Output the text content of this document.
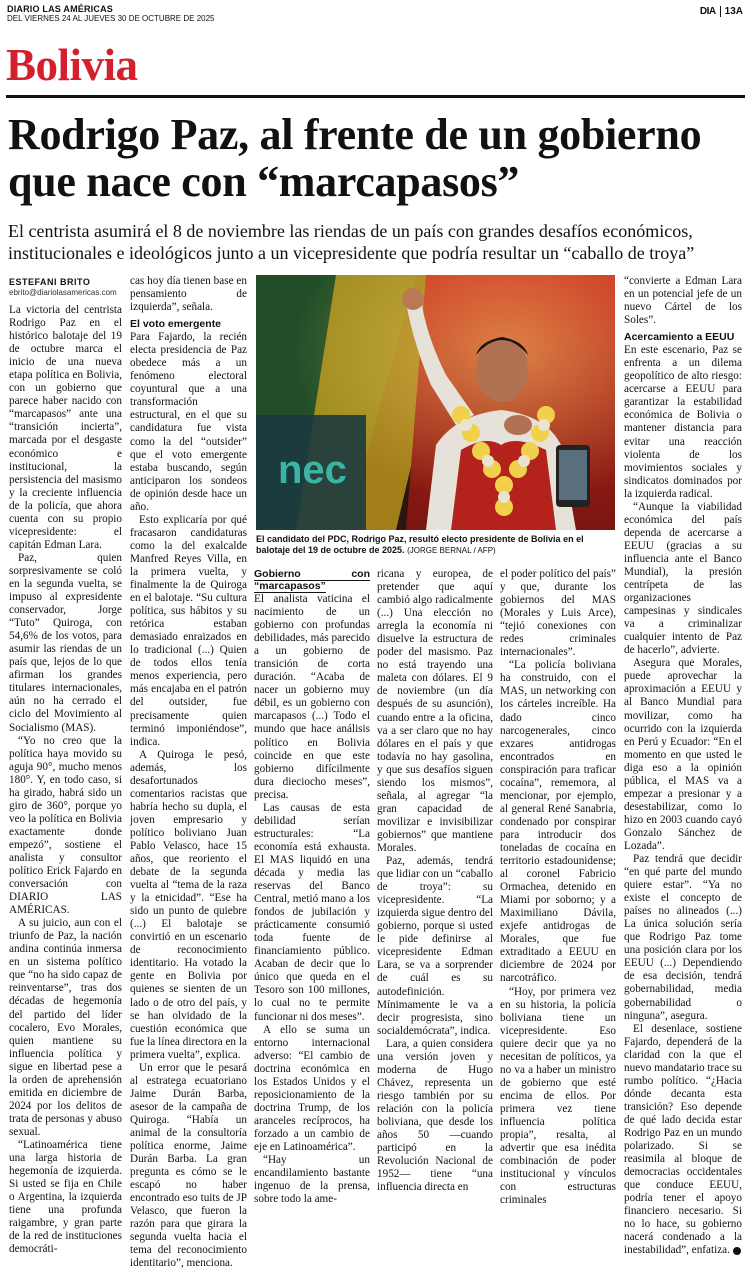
DIARIO LAS AMÉRICAS
DEL VIERNES 24 AL JUEVES 30 DE OCTUBRE DE 2025
DIA 13A
Bolivia
Rodrigo Paz, al frente de un gobierno
que nace con “marcapasos”
El centrista asumirá el 8 de noviembre las riendas de un país con grandes desafíos económicos, institucionales e ideológicos junto a un vicepresidente que podría resultar un “caballo de troya”
ESTEFANI BRITO
ebrito@diariolasamericas.com

La victoria del centrista Rodrigo Paz en el histórico balotaje del 19 de octubre marca el inicio de una nueva etapa política en Bolivia, con un gobierno que parece haber nacido con “marcapasos” ante una “transición incierta”, marcada por el desgaste económico e institucional, la persistencia del masismo y la creciente influencia de la policía, que ahora cuenta con su propio vicepresidente: el capitán Edman Lara.

Paz, quien sorpresivamente se coló en la segunda vuelta, se impuso al expresidente conservador, Jorge “Tuto” Quiroga, con 54,6% de los votos, para asumir las riendas de un país que, lejos de lo que afirman los grandes titulares internacionales, aún no ha cerrado el ciclo del Movimiento al Socialismo (MAS).

“Yo no creo que la política haya movido su aguja 90°, mucho menos 180°. Y, en todo caso, si ha girado, habrá sido un giro de 360°, porque yo veo la política en Bolivia exactamente donde empezó”, sostiene el analista y consultor político Erick Fajardo en conversación con DIARIO LAS AMÉRICAS.

A su juicio, aun con el triunfo de Paz, la nación andina continúa inmersa en un sistema político que “no ha sido capaz de reinventarse”, tras dos décadas de hegemonía del partido del líder cocalero, Evo Morales, quien mantiene su influencia política y sigue en libertad pese a la orden de aprehensión emitida en diciembre de 2024 por los delitos de trata de personas y abuso sexual.

“Latinoamérica tiene una larga historia de hegemonía de izquierda. Si usted se fija en Chile o Argentina, la izquierda tiene una profunda raigambre, y gran parte de la red de instituciones democráti-

cas hoy día tienen base en pensamiento de izquierda”, señala.

El voto emergente

Para Fajardo, la recién electa presidencia de Paz obedece más a un fenómeno electoral coyuntural que a una transformación estructural, en el que su candidatura fue vista como la del “outsider” que el voto emergente estaba buscando, según anticiparon los sondeos de opinión desde hace un año.

Esto explicaría por qué fracasaron candidaturas como la del exalcalde Manfred Reyes Villa, en la primera vuelta, y finalmente la de Quiroga en el balotaje. “Su cultura política, sus hábitos y su retórica estaban demasiado enraizados en lo tradicional (...) Quien de todos ellos tenía menos experiencia, pero más encajaba en el patrón del outsider, fue precisamente quien terminó imponiéndose”, indica.

A Quiroga le pesó, además, los desafortunados comentarios racistas que habría hecho su dupla, el joven empresario y político boliviano Juan Pablo Velasco, hace 15 años, que reoriento el debate de la segunda vuelta al “tema de la raza y la etnicidad”. “Ese ha sido un punto de quiebre (...) El balotaje se convirtió en un escenario de reconocimiento identitario. Ha votado la gente en Bolivia por quienes se sienten de un lado o de otro del país, y se han olvidado de la cuestión económica que fue la línea directora en la primera vuelta”, explica.

Un error que le pesará al estratega ecuatoriano Jaime Durán Barba, asesor de la campaña de Quiroga. “Había un animal de la consultoría política enorme, Jaime Durán Barba. La gran pregunta es cómo se le escapó no haber encontrado eso tuits de JP Velasco, que fueron la razón para que girara la segunda vuelta hacia el tema del reconocimiento identitario”, menciona.

nec
El candidato del PDC, Rodrigo Paz, resultó electo presidente de Bolivia en el balotaje del 19 de octubre de 2025. (JORGE BERNAL / AFP)
Gobierno con “marcapasos”

El analista vaticina el nacimiento de un gobierno con profundas debilidades, más parecido a un gobierno de transición de corta duración. “Acaba de nacer un gobierno muy débil, es un gobierno con marcapasos (...) Todo el mundo que hace análisis político en Bolivia coincide en que este gobierno difícilmente dura dieciocho meses”, precisa.

Las causas de esta debilidad serían estructurales: “La economía está exhausta. El MAS liquidó en una década y media las reservas del Banco Central, metió mano a los fondos de jubilación y prácticamente consumió toda fuente de financiamiento público. Acaban de decir que lo único que queda en el Tesoro son 100 millones, lo cual no te permite funcionar ni dos meses”.

A ello se suma un entorno internacional adverso: “El cambio de doctrina económica en los Estados Unidos y el reposicionamiento de la doctrina Trump, de los aranceles recíprocos, ha forzado a un cambio de eje en Latinoamérica”.

“Hay un encandilamiento bastante ingenuo de la prensa, sobre todo la ame-

ricana y europea, de pretender que aquí cambió algo radicalmente (...) Una elección no arregla la economía ni disuelve la estructura de poder del masismo. Paz no está trayendo una maleta con dólares. El 9 de noviembre (un día después de su asunción), cuando entre a la oficina, va a ser claro que no hay dólares en el país y que todavía no hay gasolina, y que sus desafíos siguen siendo los mismos”, señala, al agregar “la gran capacidad de movilizar e invisibilizar gobiernos” que mantiene Morales.

Paz, además, tendrá que lidiar con un “caballo de troya”: su vicepresidente. “La izquierda sigue dentro del gobierno, porque si usted le pide definirse al vicepresidente Edman Lara, se va a sorprender de cuál es su autodefinición. Mínimamente le va a decir progresista, sino socialdemócrata”, indica.

Lara, a quien considera una versión joven y moderna de Hugo Chávez, representa un riesgo también por su relación con la policía boliviana, que desde los años 50 —cuando participó en la Revolución Nacional de 1952— tiene “una influencia directa en

el poder político del país” y que, durante los gobiernos del MAS (Morales y Luis Arce), “tejió conexiones con redes criminales internacionales”.

“La policía boliviana ha construido, con el MAS, un networking con los cárteles increíble. Ha dado cinco narcogenerales, cinco exzares antidrogas encontrados en conspiración para traficar cocaína”, rememora, al mencionar, por ejemplo, al general René Sanabria, condenado por conspirar para introducir dos toneladas de cocaína en territorio estadounidense; al coronel Fabricio Ormachea, detenido en Miami por soborno; y a Maximiliano Dávila, exjefe antidrogas de Morales, que fue extraditado a EEUU en diciembre de 2024 por narcotráfico.

“Hoy, por primera vez en su historia, la policía boliviana tiene un vicepresidente. Eso quiere decir que ya no necesitan de políticos, ya no va a haber un ministro de gobierno que esté encima de ellos. Por primera vez tiene influencia política propia”, resalta, al advertir que esa inédita combinación de poder institucional y vínculos con estructuras criminales

“convierte a Edman Lara en un potencial jefe de un nuevo Cártel de los Soles”.

Acercamiento a EEUU

En este escenario, Paz se enfrenta a un dilema geopolítico de alto riesgo: acercarse a EEUU para garantizar la estabilidad económica de Bolivia o mantener distancia para evitar una reacción violenta de los movimientos sociales y sindicatos dominados por la izquierda radical.

“Aunque la viabilidad económica del país dependa de acercarse a EEUU (gracias a su influencia ante el Banco Mundial), la presión centrípeta de las organizaciones campesinas y sindicales va a criminalizar cualquier intento de Paz de hacerlo”, advierte.

Asegura que Morales, puede aprovechar la aproximación a EEUU y al Banco Mundial para movilizar, como ha ocurrido con la izquierda en Perú y Ecuador: “En el momento en que usted le diga eso a la opinión pública, el MAS va a empezar a presionar y a desestabilizar, como lo hizo en 2003 cuando cayó Gonzalo Sánchez de Lozada”.

Paz tendrá que decidir “en qué parte del mundo quiere estar”. “Ya no existe el concepto de países no alineados (...) La única solución sería que Rodrigo Paz tome una posición clara por los EEUU (...) Dependiendo de esa decisión, tendrá gobernabilidad, media gobernabilidad o ninguna”, asegura.

El desenlace, sostiene Fajardo, dependerá de la claridad con la que el nuevo mandatario trace su rumbo político. “¿Hacia dónde decanta esta transición? Eso depende de qué lado decida estar Rodrigo Paz en un mundo polarizado. Si se reasimila al bloque de democracias occidentales que conduce EEUU, podría tener el apoyo financiero necesario. Si no lo hace, su gobierno nacerá condenado a la inestabilidad”, enfatiza.
